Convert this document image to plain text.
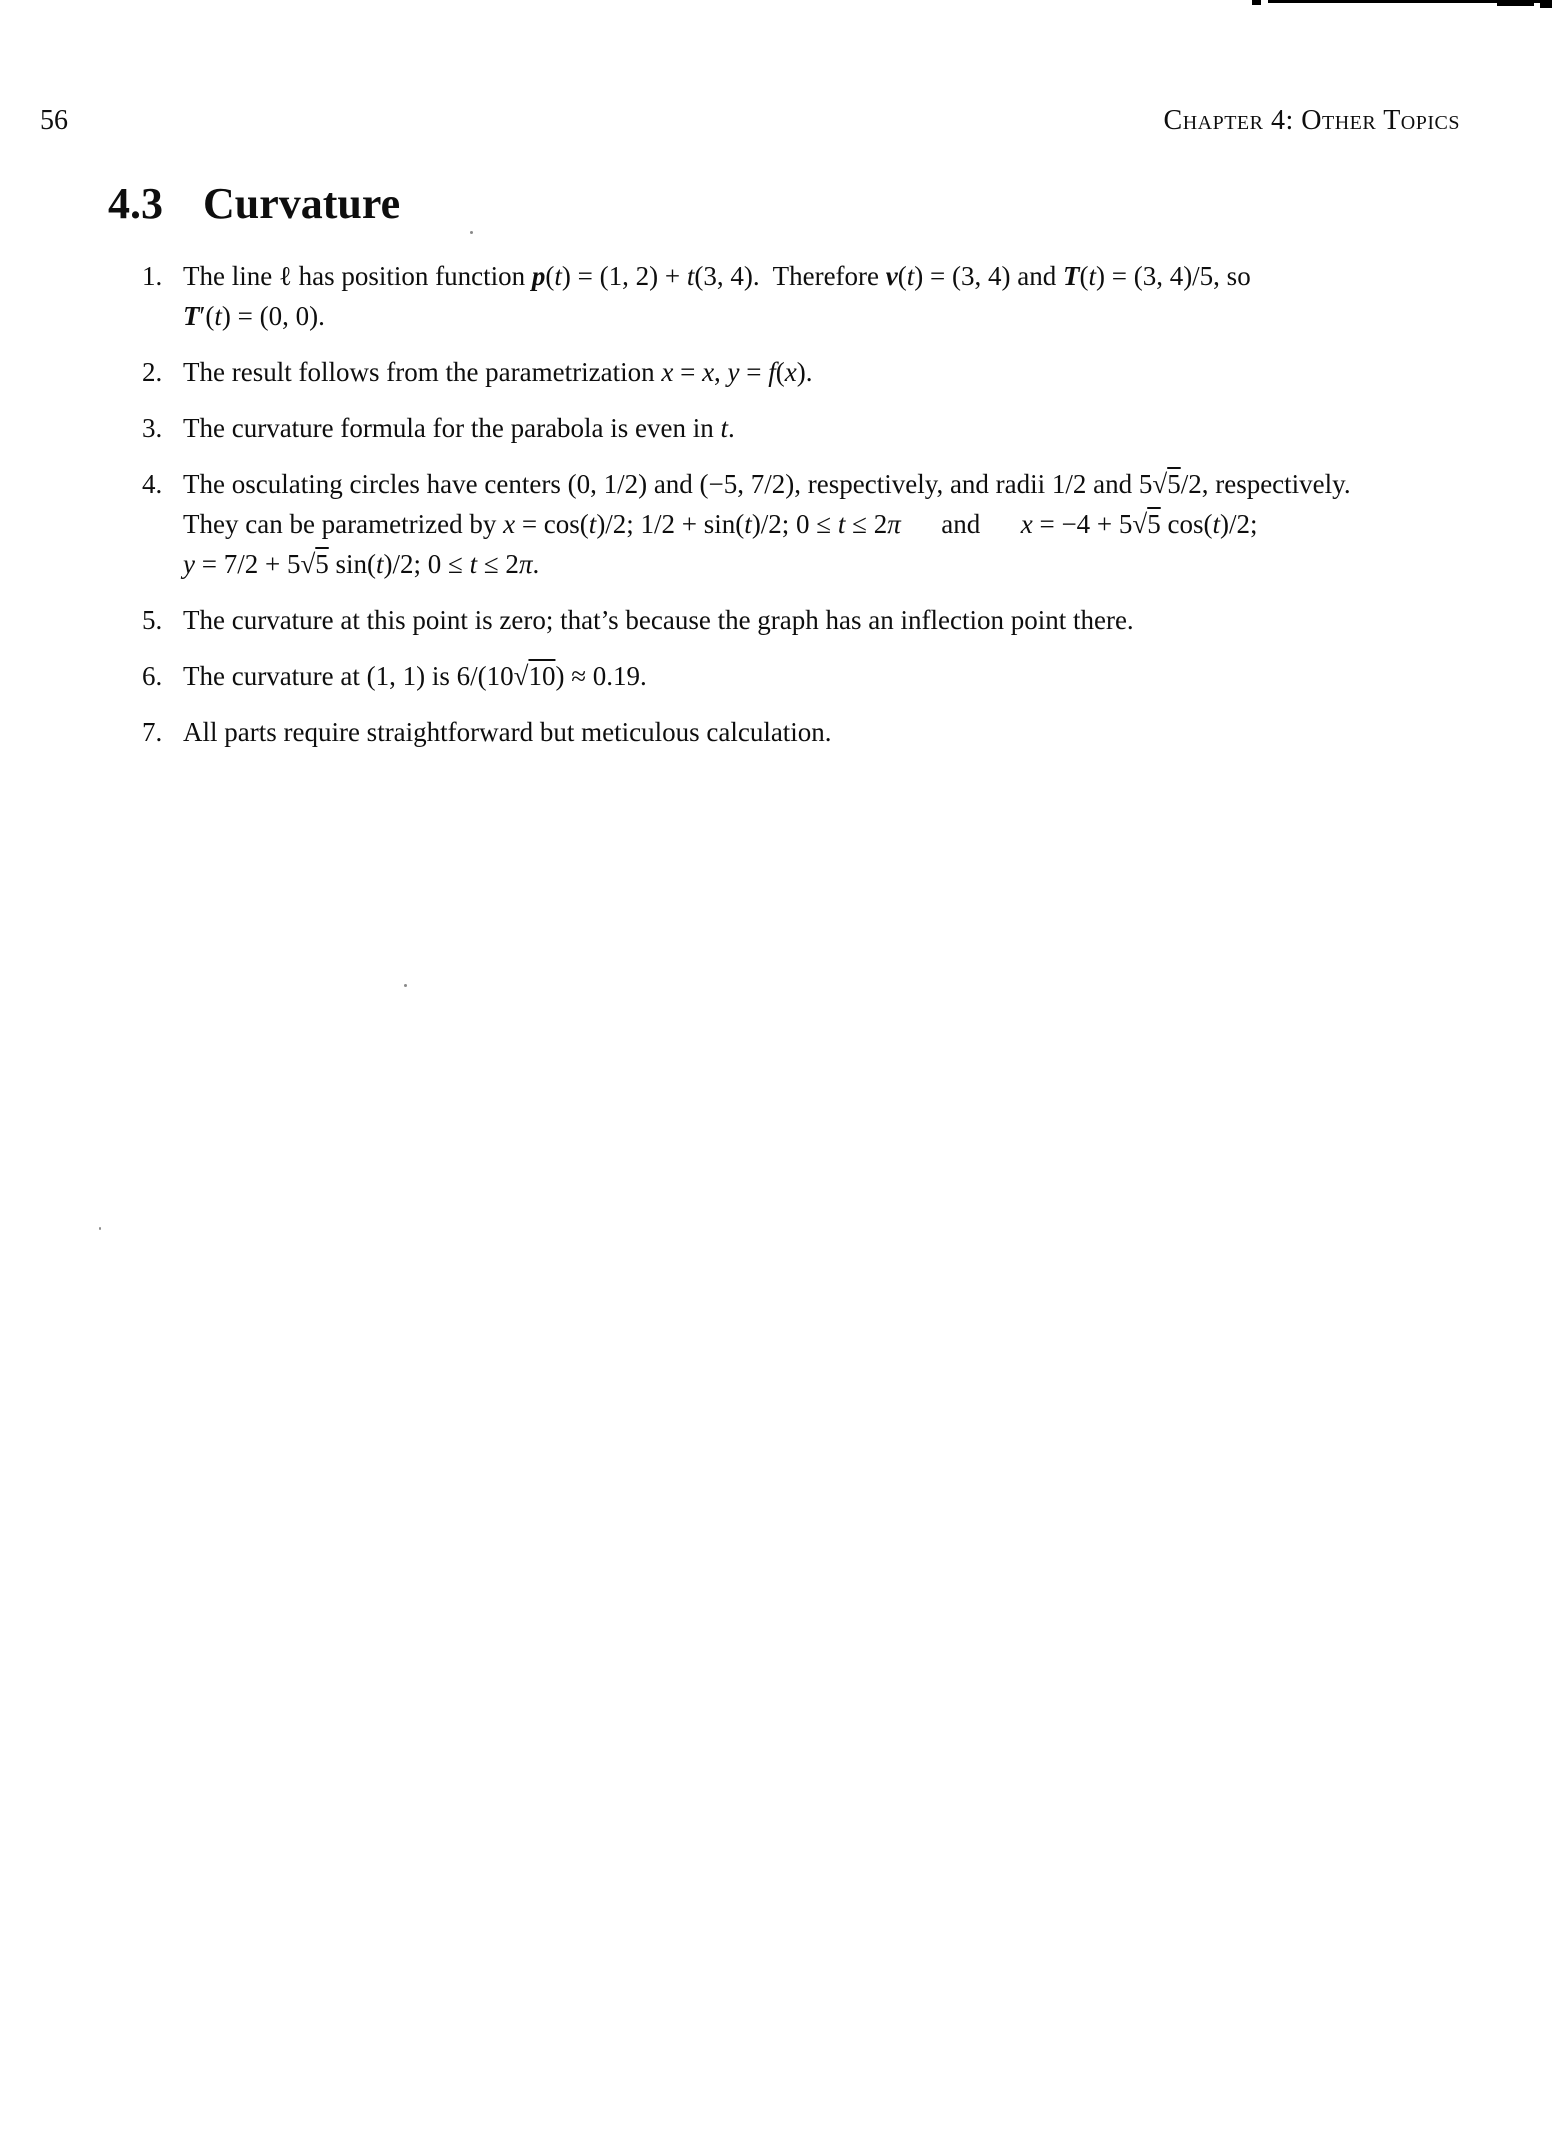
56	Chapter 4: Other Topics
4.3 Curvature
1. The line ℓ has position function p(t) = (1, 2) + t(3, 4).  Therefore v(t) = (3, 4) and T(t) = (3, 4)/5, so
T′(t) = (0, 0).
2. The result follows from the parametrization x = x, y = f(x).
3. The curvature formula for the parabola is even in t.
4. The osculating circles have centers (0, 1/2) and (−5, 7/2), respectively, and radii 1/2 and 5√5/2, respectively.
They can be parametrized by x = cos(t)/2; 1/2 + sin(t)/2; 0 ≤ t ≤ 2π  and  x = −4 + 5√5 cos(t)/2;
y = 7/2 + 5√5 sin(t)/2; 0 ≤ t ≤ 2π.
5. The curvature at this point is zero; that’s because the graph has an inflection point there.
6. The curvature at (1, 1) is 6/(10√10) ≈ 0.19.
7. All parts require straightforward but meticulous calculation.
